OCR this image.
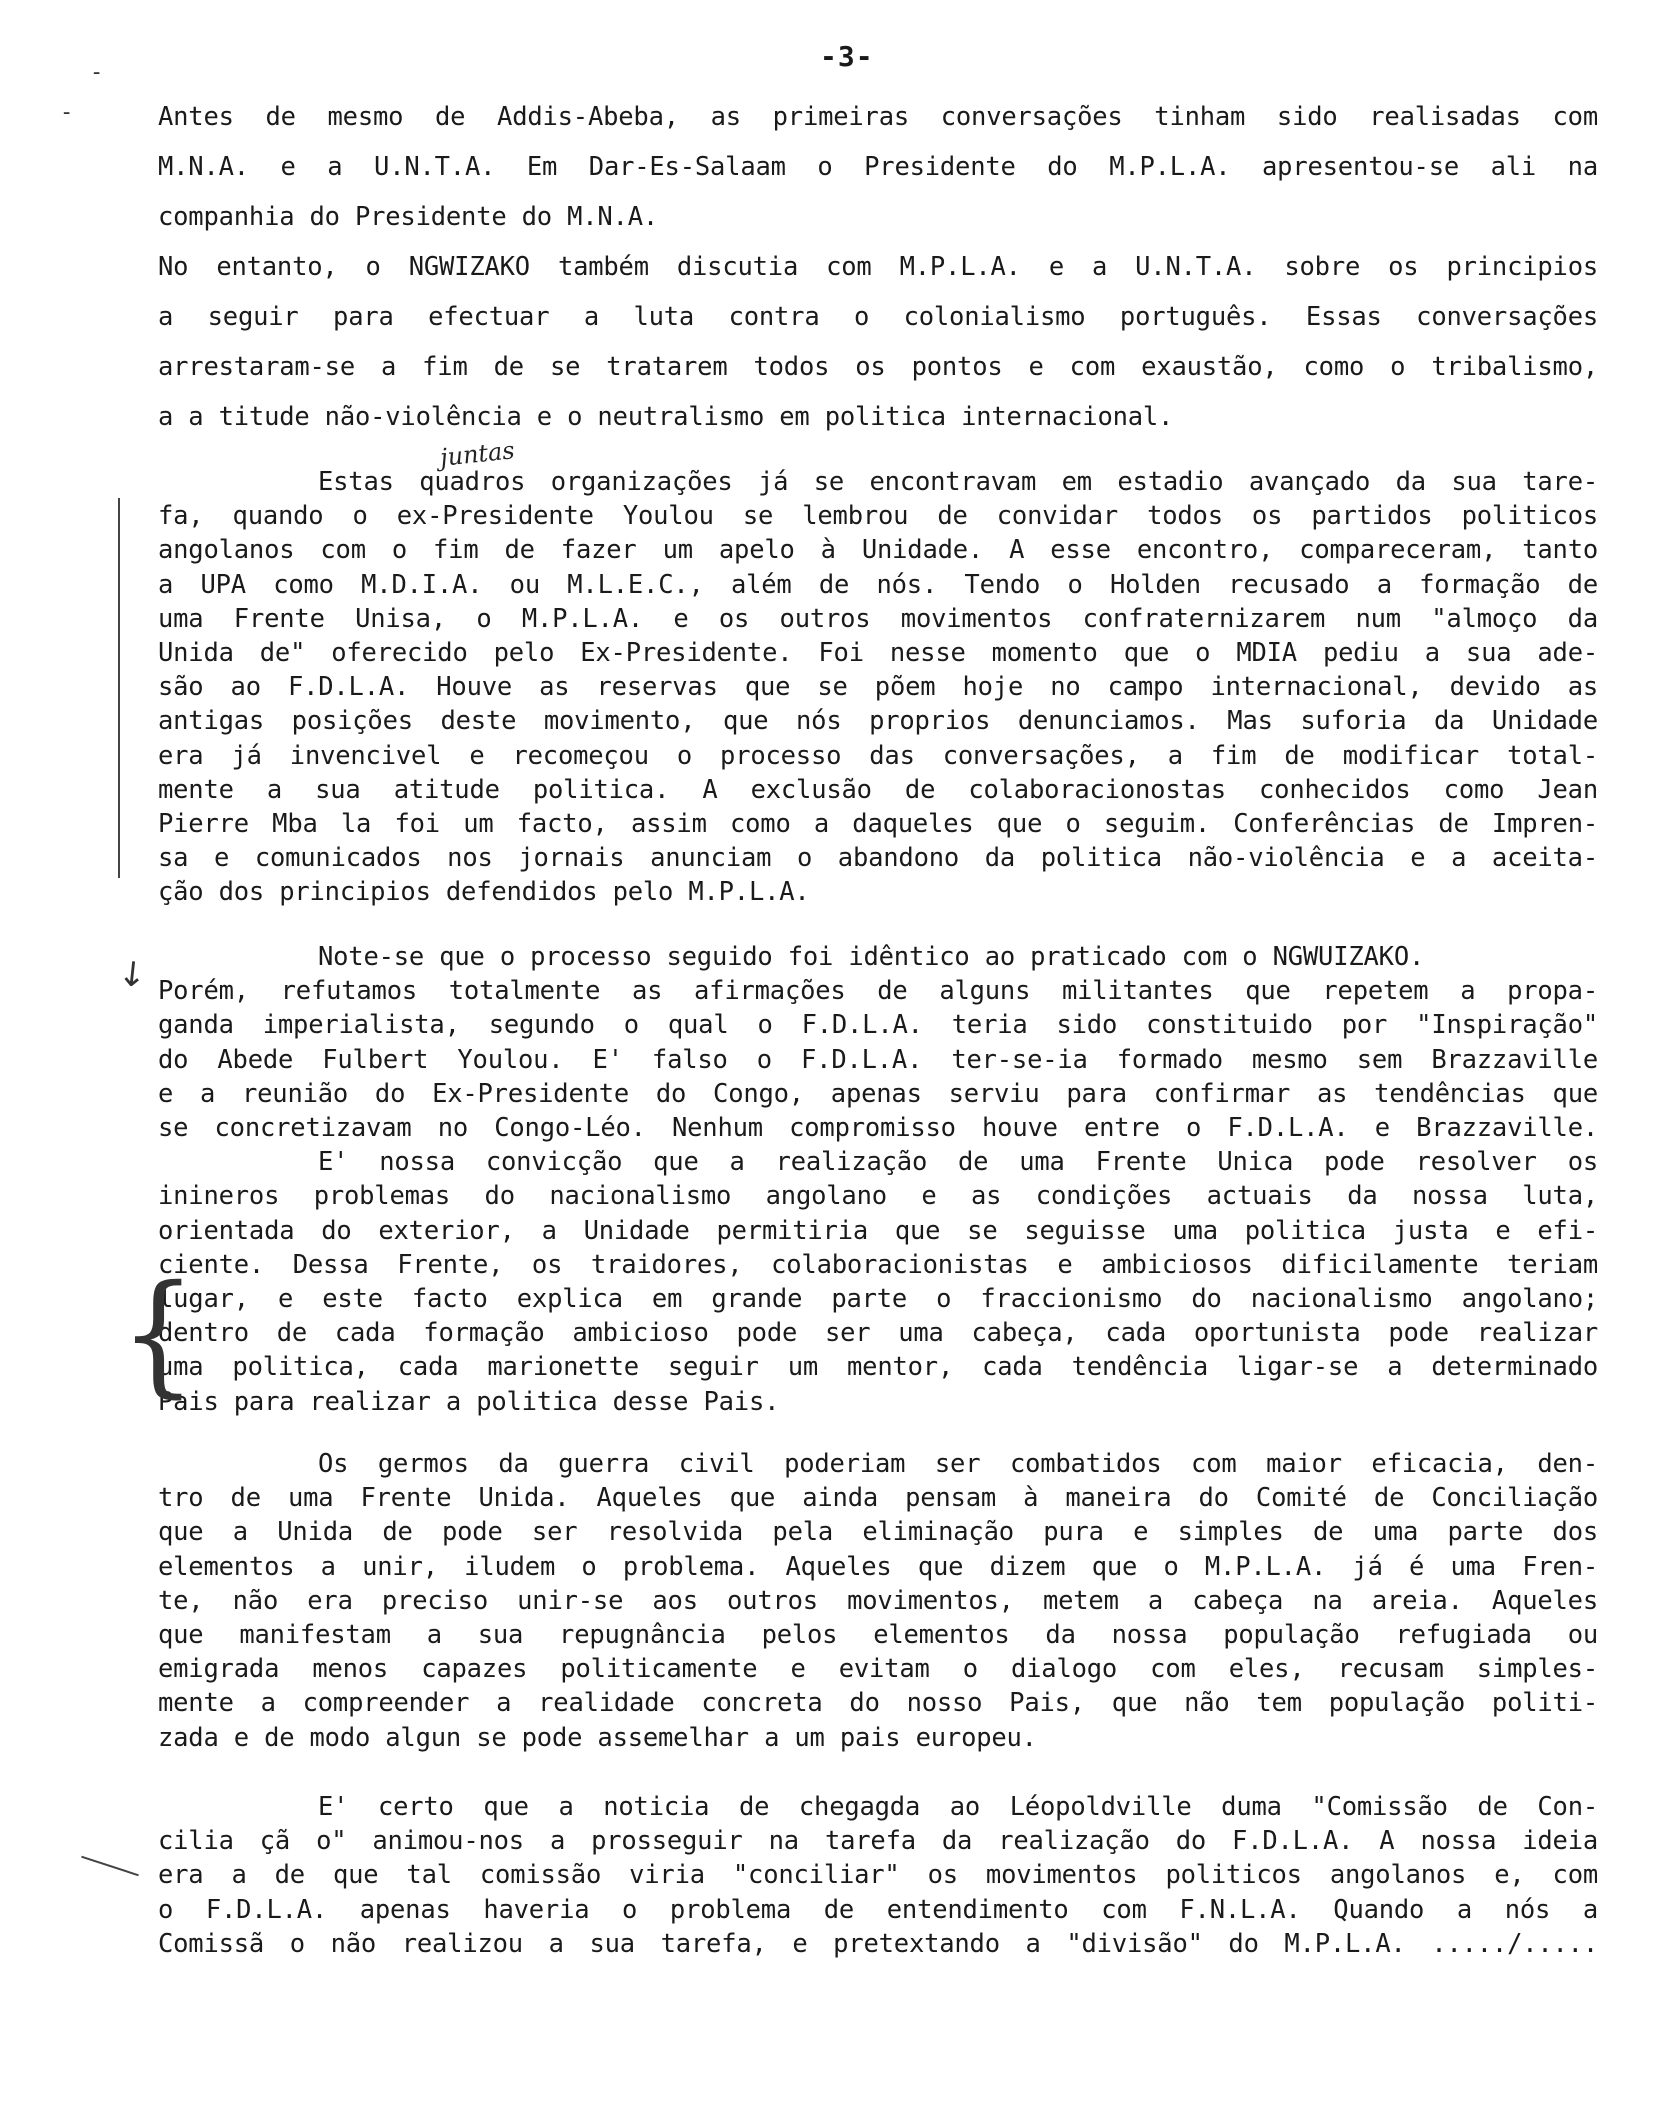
-3-
-
-
juntas
Antes de mesmo de Addis-Abeba, as primeiras conversações tinham sido realisadas com
M.N.A. e a U.N.T.A. Em Dar-Es-Salaam o Presidente do M.P.L.A. apresentou-se ali na
companhia do Presidente do M.N.A.
No entanto, o NGWIZAKO também discutia com M.P.L.A. e a U.N.T.A. sobre os principios
a seguir para efectuar a luta contra o colonialismo português. Essas conversações
arrestaram-se a fim de se tratarem todos os pontos e com exaustão, como o tribalismo,
a a titude não-violência e o neutralismo em politica internacional.
Estas quadros organizações já se encontravam em estadio avançado da sua tare-
fa, quando o ex-Presidente Youlou se lembrou de convidar todos os partidos politicos
angolanos com o fim de fazer um apelo à Unidade. A esse encontro, compareceram, tanto
a UPA como M.D.I.A. ou M.L.E.C., além de nós. Tendo o Holden recusado a formação de
uma Frente Unisa, o M.P.L.A. e os outros movimentos confraternizarem num "almoço da
Unida de" oferecido pelo Ex-Presidente. Foi nesse momento que o MDIA pediu a sua ade-
são ao F.D.L.A. Houve as reservas que se põem hoje no campo internacional, devido as
antigas posições deste movimento, que nós proprios denunciamos. Mas suforia da Unidade
era já invencivel e recomeçou o processo das conversações, a fim de modificar total-
mente a sua atitude politica. A exclusão de colaboracionostas conhecidos como Jean
Pierre Mba la foi um facto, assim como a daqueles que o seguim. Conferências de Impren-
sa e comunicados nos jornais anunciam o abandono da politica não-violência e a aceita-
ção dos principios defendidos pelo M.P.L.A.
Note-se que o processo seguido foi idêntico ao praticado com o NGWUIZAKO.
Porém, refutamos totalmente as afirmações de alguns militantes que repetem a propa-
ganda imperialista, segundo o qual o F.D.L.A. teria sido constituido por "Inspiração"
do Abede Fulbert Youlou. E' falso o F.D.L.A. ter-se-ia formado mesmo sem Brazzaville
e a reunião do Ex-Presidente do Congo, apenas serviu para confirmar as tendências que
se concretizavam no Congo-Léo. Nenhum compromisso houve entre o F.D.L.A. e Brazzaville.
E' nossa convicção que a realização de uma Frente Unica pode resolver os
inineros problemas do nacionalismo angolano e as condições actuais da nossa luta,
orientada do exterior, a Unidade permitiria que se seguisse uma politica justa e efi-
ciente. Dessa Frente, os traidores, colaboracionistas e ambiciosos dificilamente teriam
lugar, e este facto explica em grande parte o fraccionismo do nacionalismo angolano;
dentro de cada formação ambicioso pode ser uma cabeça, cada oportunista pode realizar
uma politica, cada marionette seguir um mentor, cada tendência ligar-se a determinado
Pais para realizar a politica desse Pais.
↓
{
Os germos da guerra civil poderiam ser combatidos com maior eficacia, den-
tro de uma Frente Unida. Aqueles que ainda pensam à maneira do Comité de Conciliação
que a Unida de pode ser resolvida pela eliminação pura e simples de uma parte dos
elementos a unir, iludem o problema. Aqueles que dizem que o M.P.L.A. já é uma Fren-
te, não era preciso unir-se aos outros movimentos, metem a cabeça na areia. Aqueles
que manifestam a sua repugnância pelos elementos da nossa população refugiada ou
emigrada menos capazes politicamente e evitam o dialogo com eles, recusam simples-
mente a compreender a realidade concreta do nosso Pais, que não tem população politi-
zada e de modo algun se pode assemelhar a um pais europeu.
E' certo que a noticia de chegagda ao Léopoldville duma "Comissão de Con-
cilia çã o" animou-nos a prosseguir na tarefa da realização do F.D.L.A. A nossa ideia
era a de que tal comissão viria "conciliar" os movimentos politicos angolanos e, com
o F.D.L.A. apenas haveria o problema de entendimento com F.N.L.A. Quando a nós a
Comissã o não realizou a sua tarefa, e pretextando a "divisão" do M.P.L.A. ...../.....
